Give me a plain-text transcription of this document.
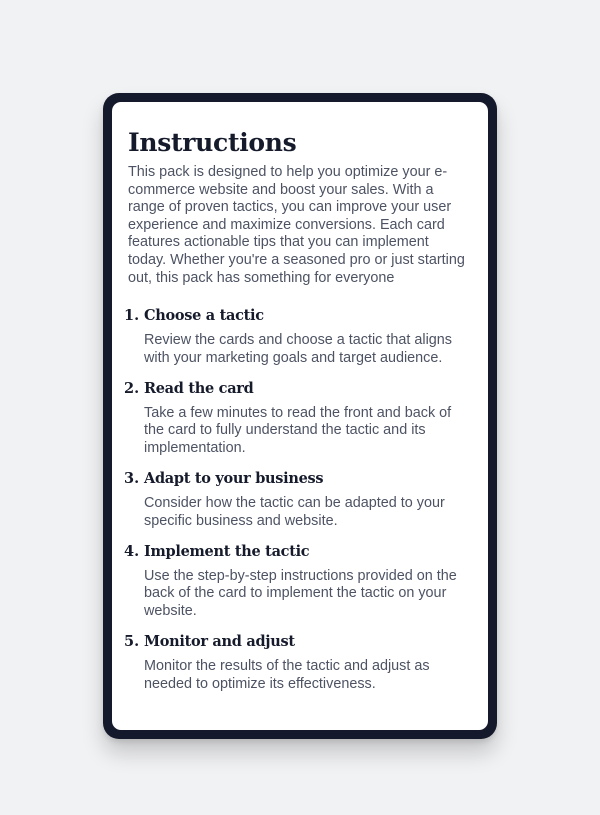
Instructions

This pack is designed to help you optimize your e-commerce website and boost your sales. With a range of proven tactics, you can improve your user experience and maximize conversions. Each card features actionable tips that you can implement today. Whether you're a seasoned pro or just starting out, this pack has something for everyone

1. Choose a tactic
Review the cards and choose a tactic that aligns with your marketing goals and target audience.
2. Read the card
Take a few minutes to read the front and back of the card to fully understand the tactic and its implementation.
3. Adapt to your business
Consider how the tactic can be adapted to your specific business and website.
4. Implement the tactic
Use the step-by-step instructions provided on the back of the card to implement the tactic on your website.
5. Monitor and adjust
Monitor the results of the tactic and adjust as needed to optimize its effectiveness.
